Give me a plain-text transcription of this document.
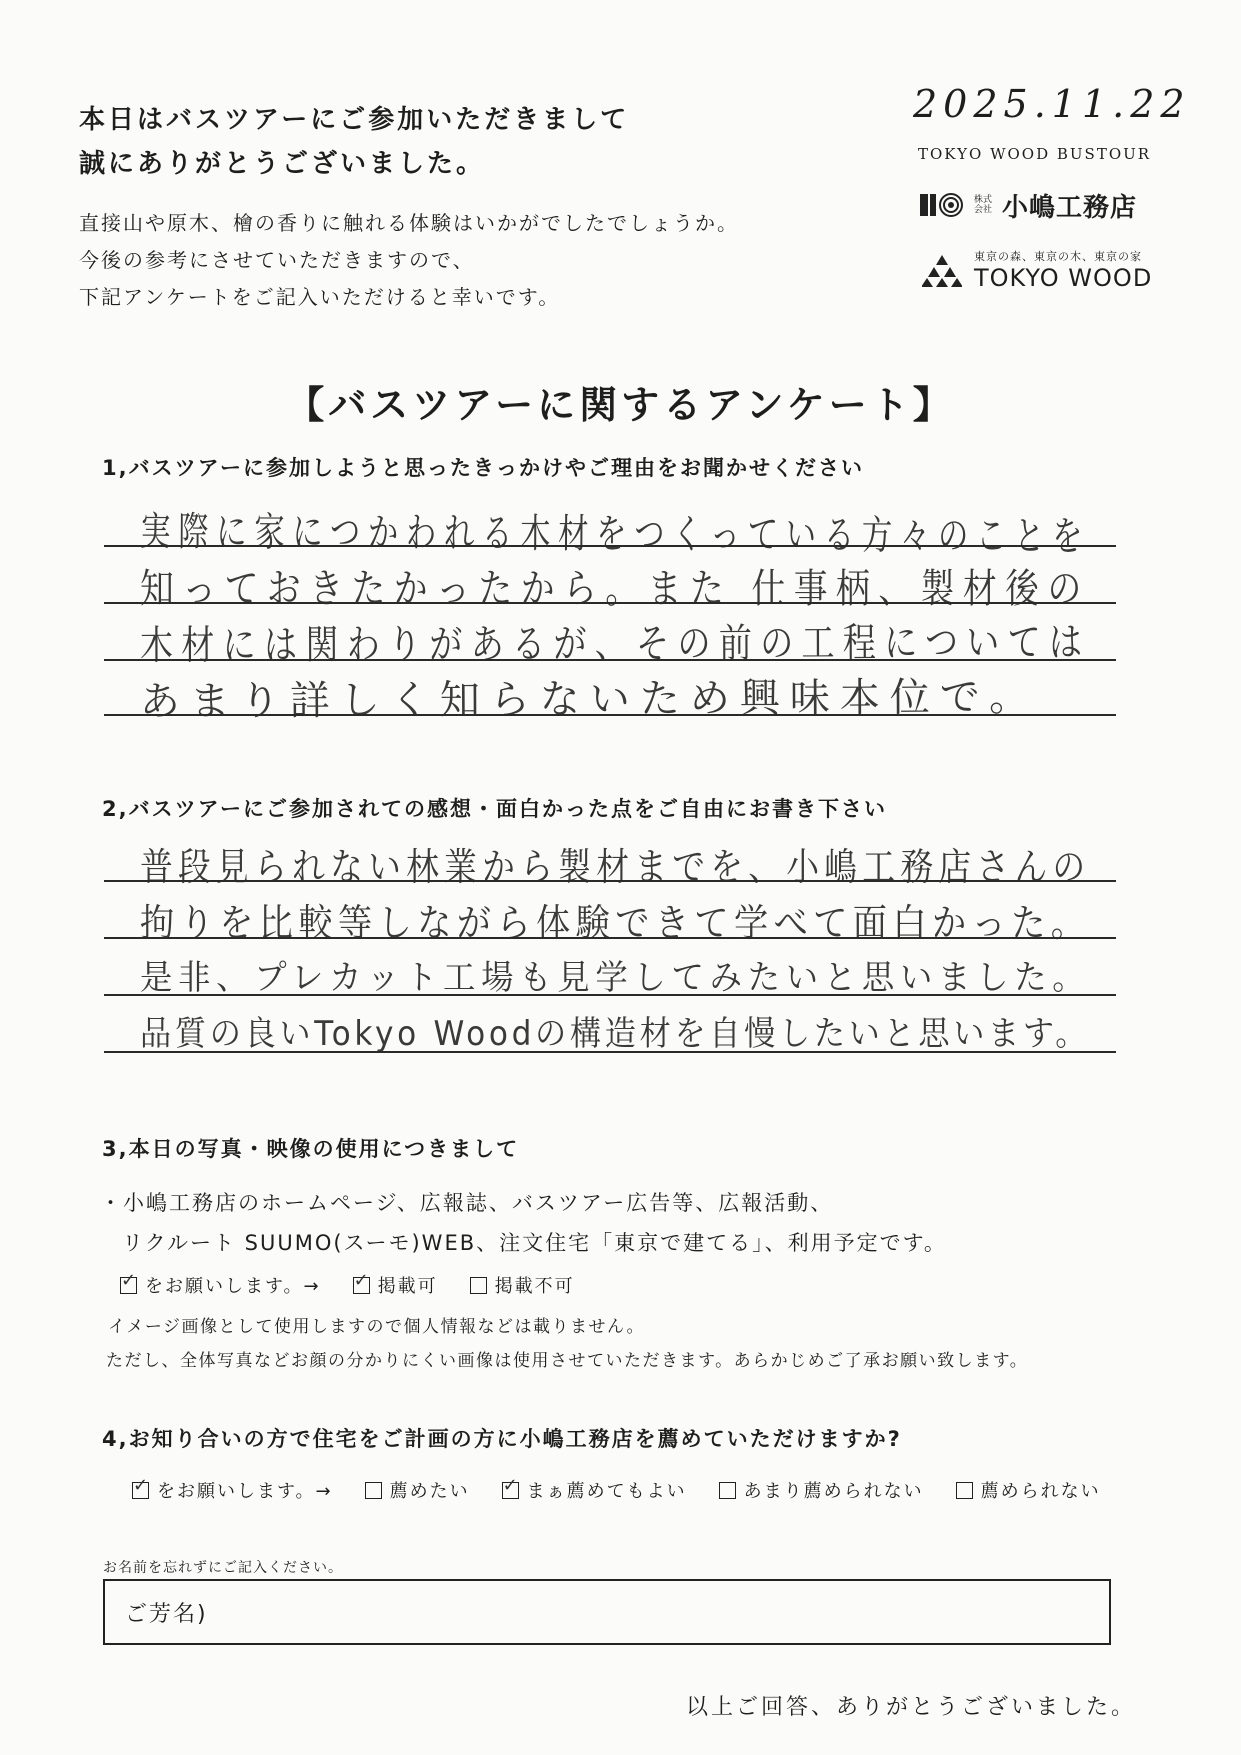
本日はバスツアーにご参加いただきまして
誠にありがとうございました。
直接山や原木、檜の香りに触れる体験はいかがでしたでしょうか。
今後の参考にさせていただきますので、
下記アンケートをご記入いただけると幸いです。
2025.11.22
TOKYO WOOD BUSTOUR
株式会社 小嶋工務店
東京の森、東京の木、東京の家
TOKYO WOOD
【バスツアーに関するアンケート】
1,バスツアーに参加しようと思ったきっかけやご理由をお聞かせください
実際に家につかわれる木材をつくっている方々のことを
知っておきたかったから。また 仕事柄、製材後の
木材には関わりがあるが、その前の工程については
あまり詳しく知らないため興味本位で。
2,バスツアーにご参加されての感想・面白かった点をご自由にお書き下さい
普段見られない林業から製材までを、小嶋工務店さんの
拘りを比較等しながら体験できて学べて面白かった。
是非、プレカット工場も見学してみたいと思いました。
品質の良いTokyo Woodの構造材を自慢したいと思います。
3,本日の写真・映像の使用につきまして
・小嶋工務店のホームページ、広報誌、バスツアー広告等、広報活動、
リクルート SUUMO(スーモ)WEB、注文住宅「東京で建てる」、利用予定です。
✓
をお願いします。→ ✓	掲載可	掲載不可
イメージ画像として使用しますので個人情報などは載りません。
ただし、全体写真などお顔の分かりにくい画像は使用させていただきます。あらかじめご了承お願い致します。
4,お知り合いの方で住宅をご計画の方に小嶋工務店を薦めていただけますか?
✓
をお願いします。→	薦めたい ✓	まぁ薦めてもよい	あまり薦められない	薦められない
お名前を忘れずにご記入ください。
ご芳名)
以上ご回答、ありがとうございました。
